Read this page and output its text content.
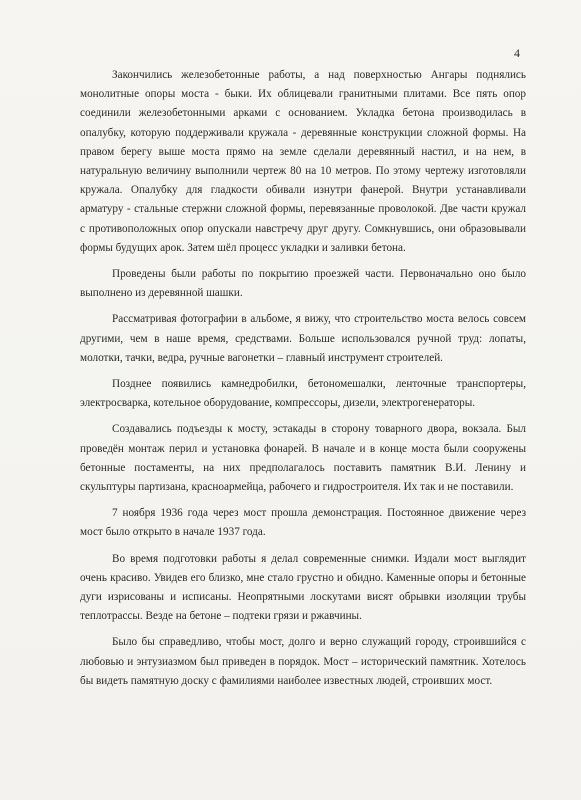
4

Закончились железобетонные работы, а над поверхностью Ангары поднялись монолитные опоры моста - быки. Их облицевали гранитными плитами. Все пять опор соединили железобетонными арками с основанием. Укладка бетона производилась в опалубку, которую поддерживали кружала - деревянные конструкции сложной формы. На правом берегу выше моста прямо на земле сделали деревянный настил, и на нем, в натуральную величину выполнили чертеж 80 на 10 метров. По этому чертежу изготовляли кружала. Опалубку для гладкости обивали изнутри фанерой. Внутри устанавливали арматуру - стальные стержни сложной формы, перевязанные проволокой. Две части кружал с противоположных опор опускали навстречу друг другу. Сомкнувшись, они образовывали формы будущих арок. Затем шёл процесс укладки и заливки бетона.

Проведены были работы по покрытию проезжей части. Первоначально оно было выполнено из деревянной шашки.

Рассматривая фотографии в альбоме, я вижу, что строительство моста велось совсем другими, чем в наше время, средствами. Больше использовался ручной труд: лопаты, молотки, тачки, ведра, ручные вагонетки – главный инструмент строителей.

Позднее появились камнедробилки, бетономешалки, ленточные транспортеры, электросварка, котельное оборудование, компрессоры, дизели, электрогенераторы.

Создавались подъезды к мосту, эстакады в сторону товарного двора, вокзала. Был проведён монтаж перил и установка фонарей. В начале и в конце моста были сооружены бетонные постаменты, на них предполагалось поставить памятник В.И. Ленину и скульптуры партизана, красноармейца, рабочего и гидростроителя. Их так и не поставили.

7 ноября 1936 года через мост прошла демонстрация. Постоянное движение через мост было открыто в начале 1937 года.

Во время подготовки работы я делал современные снимки. Издали мост выглядит очень красиво. Увидев его близко, мне стало грустно и обидно. Каменные опоры и бетонные дуги изрисованы и исписаны. Неопрятными лоскутами висят обрывки изоляции трубы теплотрассы. Везде на бетоне – подтеки грязи и ржавчины.

Было бы справедливо, чтобы мост, долго и верно служащий городу, строившийся с любовью и энтузиазмом был приведен в порядок. Мост – исторический памятник. Хотелось бы видеть памятную доску с фамилиями наиболее известных людей, строивших мост.
